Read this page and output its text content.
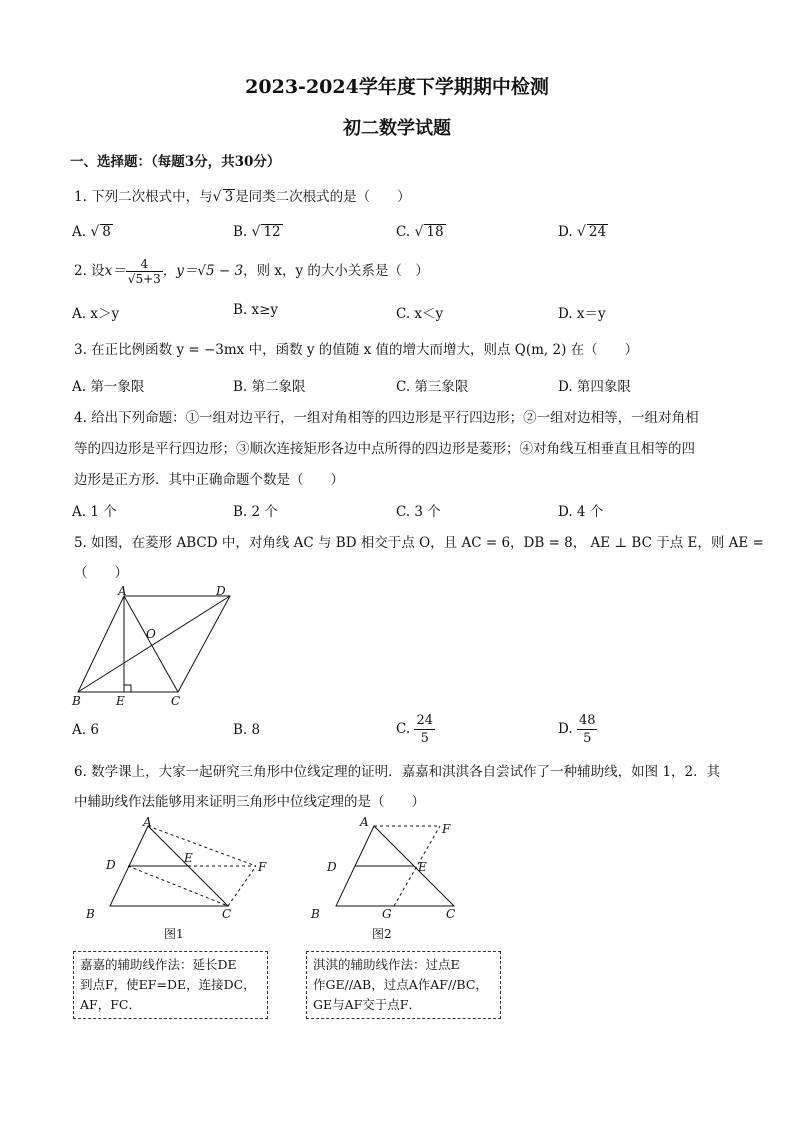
2023-2024学年度下学期期中检测
初二数学试题
一、选择题：（每题3分，共30分）
1. 下列二次根式中，与√ 3 是同类二次根式的是（　　）
A. √ 8	B. √ 12	C. √ 18	D. √ 24
2. 设$x= \frac{4}{√5+3}$ ，y＝√5 − 3，则 x，y 的大小关系是（　）
A. x＞y	B. x≥y	C. x＜y	D. x＝y
3. 在正比例函数 y = −3mx 中，函数 y 的值随 x 值的增大而增大，则点 Q(m, 2) 在（　　）
A. 第一象限	B. 第二象限	C. 第三象限	D. 第四象限
4. 给出下列命题：①一组对边平行，一组对角相等的四边形是平行四边形；②一组对边相等，一组对角相
等的四边形是平行四边形；③顺次连接矩形各边中点所得的四边形是菱形；④对角线互相垂直且相等的四
边形是正方形．其中正确命题个数是（　　）
A. 1 个	B. 2 个	C. 3 个	D. 4 个
5. 如图，在菱形 ABCD 中，对角线 AC 与 BD 相交于点 O，且 AC = 6，DB = 8， AE ⊥ BC 于点 E，则 AE =
（　　）
A	D
B	E	C
O
A. 6	B. 8	C. $\frac{24}{5}$	D. $\frac{48}{5}$
6. 数学课上，大家一起研究三角形中位线定理的证明．嘉嘉和淇淇各自尝试作了一种辅助线，如图 1，2．其
中辅助线作法能够用来证明三角形中位线定理的是（　　）
A
D	E
F
B	C
图1
A	F
D	E
B	G	C
图2
嘉嘉的辅助线作法：延长DE
到点F，使EF=DE，连接DC，
AF，FC．
淇淇的辅助线作法：过点E
作GE//AB，过点A作AF//BC，
GE与AF交于点F．
